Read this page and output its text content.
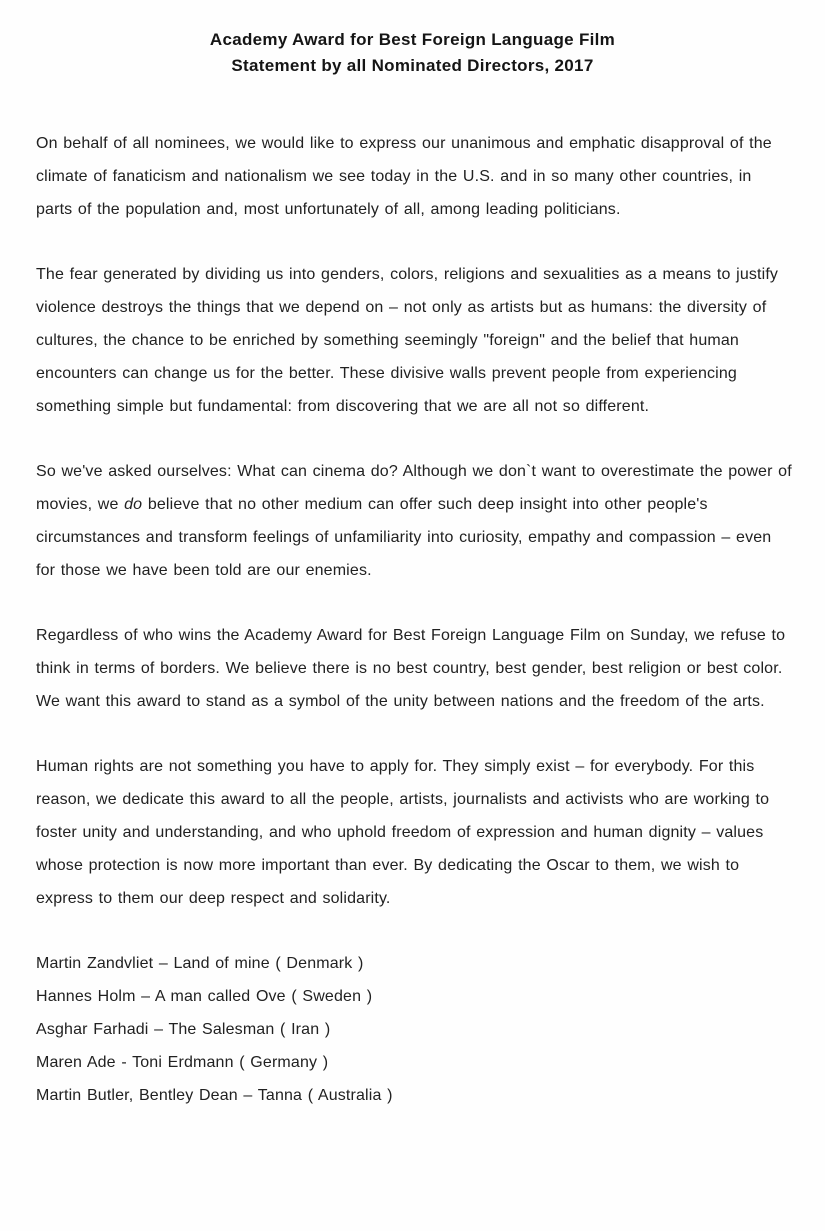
Academy Award for Best Foreign Language Film
Statement by all Nominated Directors, 2017

On behalf of all nominees, we would like to express our unanimous and emphatic disapproval of the climate of fanaticism and nationalism we see today in the U.S. and in so many other countries, in parts of the population and, most unfortunately of all, among leading politicians.

The fear generated by dividing us into genders, colors, religions and sexualities as a means to justify violence destroys the things that we depend on – not only as artists but as humans: the diversity of cultures, the chance to be enriched by something seemingly "foreign" and the belief that human encounters can change us for the better. These divisive walls prevent people from experiencing something simple but fundamental: from discovering that we are all not so different.

So we've asked ourselves: What can cinema do? Although we don`t want to overestimate the power of movies, we do believe that no other medium can offer such deep insight into other people's circumstances and transform feelings of unfamiliarity into curiosity, empathy and compassion – even for those we have been told are our enemies.

Regardless of who wins the Academy Award for Best Foreign Language Film on Sunday, we refuse to think in terms of borders. We believe there is no best country, best gender, best religion or best color. We want this award to stand as a symbol of the unity between nations and the freedom of the arts.

Human rights are not something you have to apply for. They simply exist – for everybody. For this reason, we dedicate this award to all the people, artists, journalists and activists who are working to foster unity and understanding, and who uphold freedom of expression and human dignity – values whose protection is now more important than ever. By dedicating the Oscar to them, we wish to express to them our deep respect and solidarity.

Martin Zandvliet – Land of mine ( Denmark )
Hannes Holm – A man called Ove ( Sweden )
Asghar Farhadi – The Salesman ( Iran )
Maren Ade - Toni Erdmann ( Germany )
Martin Butler, Bentley Dean – Tanna ( Australia )
